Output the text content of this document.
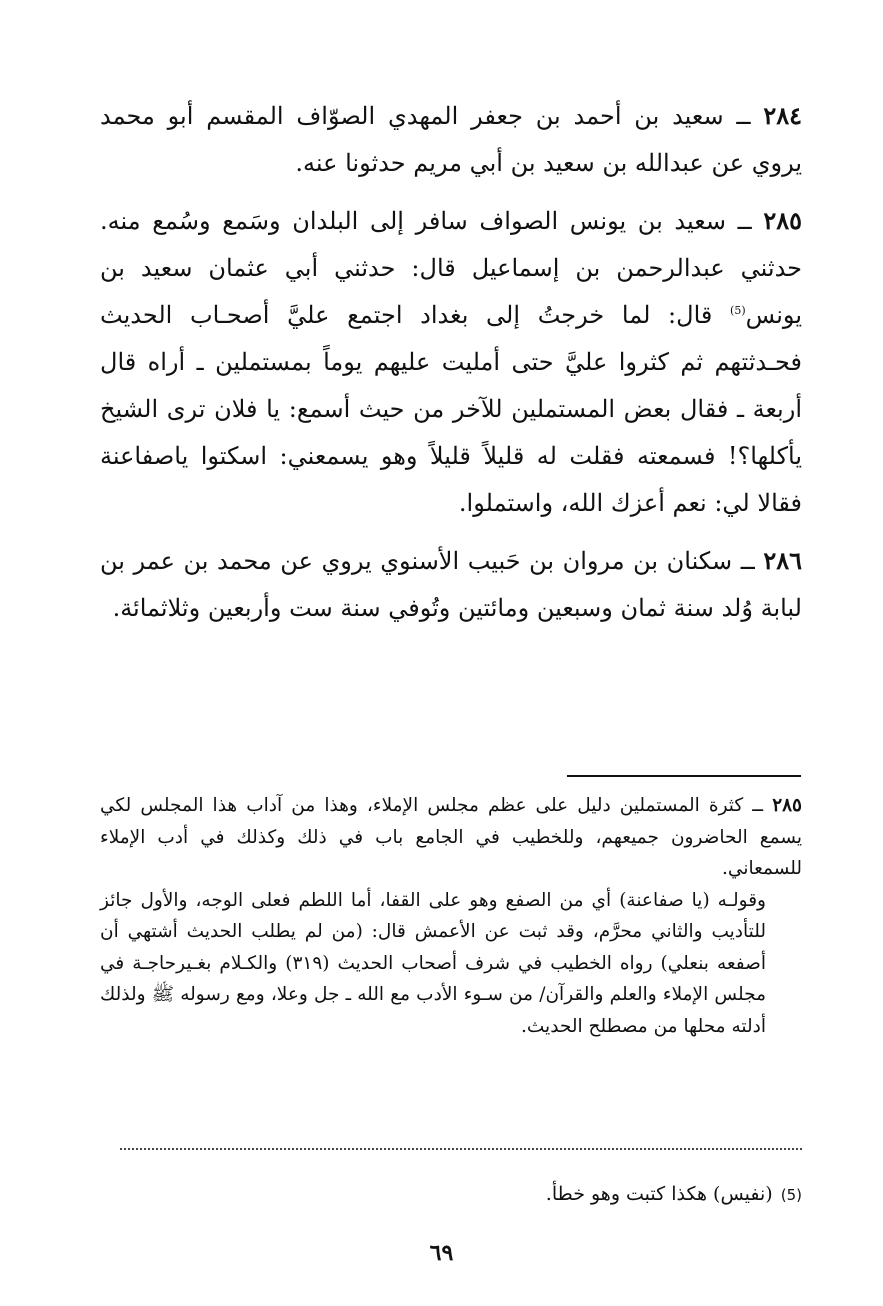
٢٨٤ ــ سعيد بن أحمد بن جعفر المهدي الصوّاف المقسم أبو محمد يروي عن عبدالله بن سعيد بن أبي مريم حدثونا عنه.

٢٨٥ ــ سعيد بن يونس الصواف سافر إلى البلدان وسَمع وسُمع منه. حدثني عبدالرحمن بن إسماعيل قال: حدثني أبي عثمان سعيد بن يونس$^{(5)}$ قال: لما خرجتُ إلى بغداد اجتمع عليَّ أصحـاب الحديث فحـدثتهم ثم كثروا عليَّ حتى أمليت عليهم يوماً بمستملين ـ أراه قال أربعة ـ فقال بعض المستملين للآخر من حيث أسمع: يا فلان ترى الشيخ يأكلها؟! فسمعته فقلت له قليلاً قليلاً وهو يسمعني: اسكتوا ياصفاعنة فقالا لي: نعم أعزك الله، واستملوا.

٢٨٦ ــ سكنان بن مروان بن حَبيب الأسنوي يروي عن محمد بن عمر بن لبابة وُلد سنة ثمان وسبعين ومائتين وتُوفي سنة ست وأربعين وثلاثمائة.

٢٨٥ ــ كثرة المستملين دليل على عظم مجلس الإملاء، وهذا من آداب هذا المجلس لكي يسمع الحاضرون جميعهم، وللخطيب في الجامع باب في ذلك وكذلك في أدب الإملاء للسمعاني.
وقولـه (يا صفاعنة) أي من الصفع وهو على القفا، أما اللطم فعلى الوجه، والأول جائز للتأديب والثاني محرَّم، وقد ثبت عن الأعمش قال: (من لم يطلب الحديث أشتهي أن أصفعه بنعلي) رواه الخطيب في شرف أصحاب الحديث (٣١٩) والكـلام بغـيرحاجـة في مجلس الإملاء والعلم والقرآن/ من سـوء الأدب مع الله ـ جل وعلا، ومع رسوله ﷺ ولذلك أدلته محلها من مصطلح الحديث.
(5)(نفيس) هكذا كتبت وهو خطأ.
٦٩
